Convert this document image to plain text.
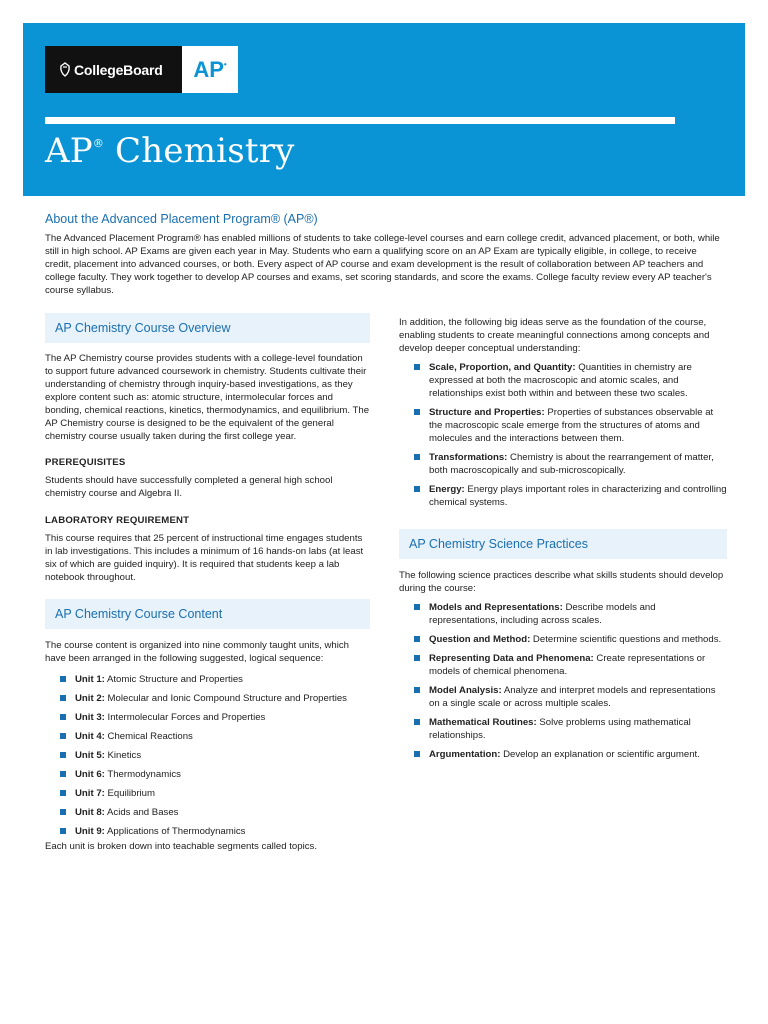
CollegeBoard AP•
AP® Chemistry
About the Advanced Placement Program® (AP®)

The Advanced Placement Program® has enabled millions of students to take college-level courses and earn college credit, advanced placement, or both, while still in high school. AP Exams are given each year in May. Students who earn a qualifying score on an AP Exam are typically eligible, in college, to receive credit, placement into advanced courses, or both. Every aspect of AP course and exam development is the result of collaboration between AP teachers and college faculty. They work together to develop AP courses and exams, set scoring standards, and score the exams. College faculty review every AP teacher's course syllabus.

AP Chemistry Course Overview

The AP Chemistry course provides students with a college-level foundation to support future advanced coursework in chemistry. Students cultivate their understanding of chemistry through inquiry-based investigations, as they explore content such as: atomic structure, intermolecular forces and bonding, chemical reactions, kinetics, thermodynamics, and equilibrium. The AP Chemistry course is designed to be the equivalent of the general chemistry course usually taken during the first college year.

PREREQUISITES

Students should have successfully completed a general high school chemistry course and Algebra II.

LABORATORY REQUIREMENT

This course requires that 25 percent of instructional time engages students in lab investigations. This includes a minimum of 16 hands-on labs (at least six of which are guided inquiry). It is required that students keep a lab notebook throughout.

AP Chemistry Course Content

The course content is organized into nine commonly taught units, which have been arranged in the following suggested, logical sequence:

Unit 1: Atomic Structure and Properties
Unit 2: Molecular and Ionic Compound Structure and Properties
Unit 3: Intermolecular Forces and Properties
Unit 4: Chemical Reactions
Unit 5: Kinetics
Unit 6: Thermodynamics
Unit 7: Equilibrium
Unit 8: Acids and Bases
Unit 9: Applications of Thermodynamics

Each unit is broken down into teachable segments called topics.

In addition, the following big ideas serve as the foundation of the course, enabling students to create meaningful connections among concepts and develop deeper conceptual understanding:

Scale, Proportion, and Quantity: Quantities in chemistry are expressed at both the macroscopic and atomic scales, and relationships exist both within and between these two scales.
Structure and Properties: Properties of substances observable at the macroscopic scale emerge from the structures of atoms and molecules and the interactions between them.
Transformations: Chemistry is about the rearrangement of matter, both macroscopically and sub-microscopically.
Energy: Energy plays important roles in characterizing and controlling chemical systems.
AP Chemistry Science Practices

The following science practices describe what skills students should develop during the course:

Models and Representations: Describe models and representations, including across scales.
Question and Method: Determine scientific questions and methods.
Representing Data and Phenomena: Create representations or models of chemical phenomena.
Model Analysis: Analyze and interpret models and representations on a single scale or across multiple scales.
Mathematical Routines: Solve problems using mathematical relationships.
Argumentation: Develop an explanation or scientific argument.
